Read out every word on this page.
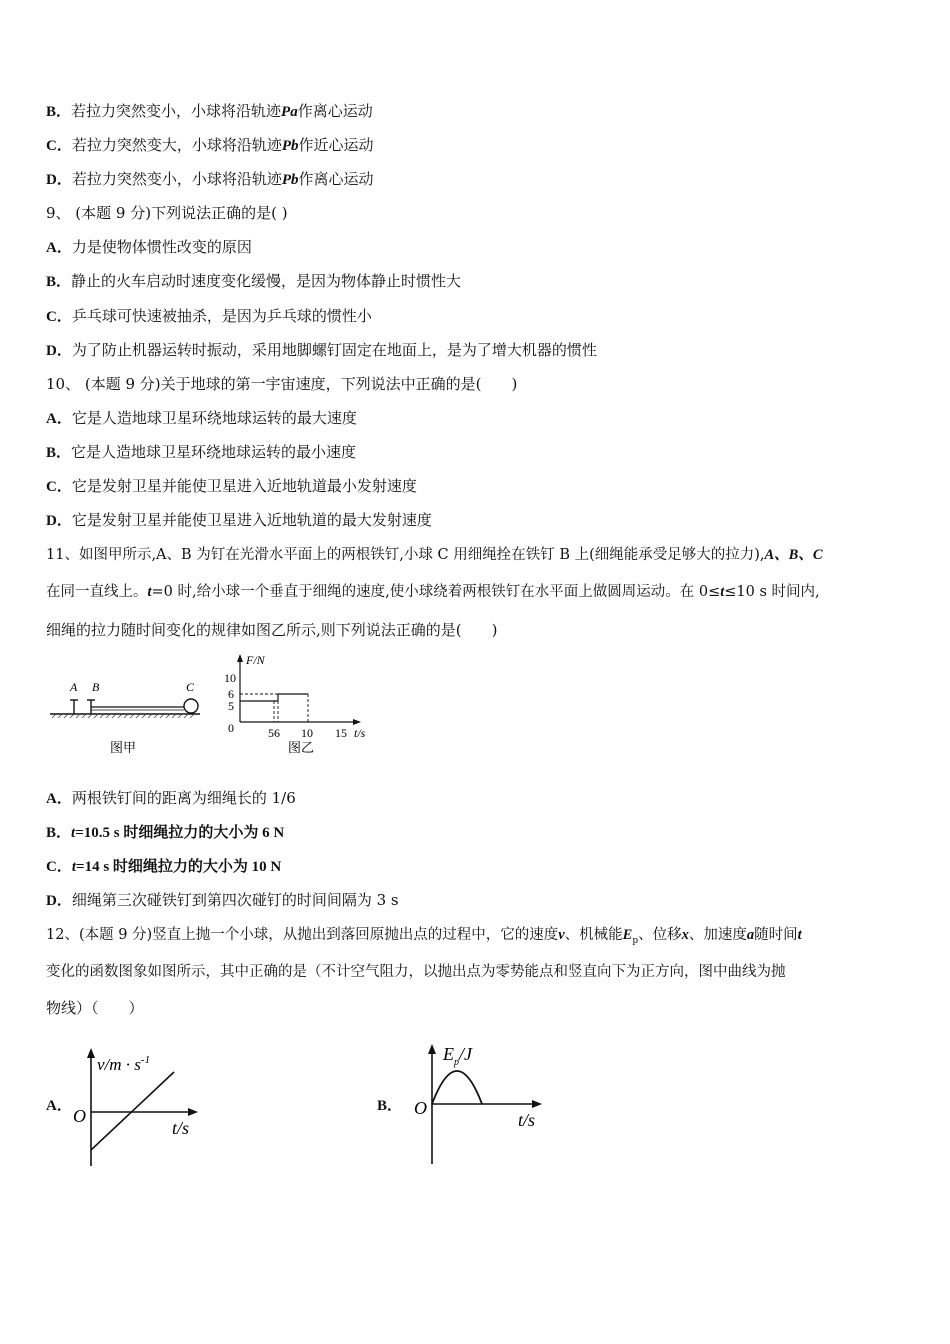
B．若拉力突然变小，小球将沿轨迹Pa作离心运动
C．若拉力突然变大，小球将沿轨迹Pb作近心运动
D．若拉力突然变小，小球将沿轨迹Pb作离心运动
9、 (本题 9 分)下列说法正确的是( )
A．力是使物体惯性改变的原因
B．静止的火车启动时速度变化缓慢，是因为物体静止时惯性大
C．乒乓球可快速被抽杀，是因为乒乓球的惯性小
D．为了防止机器运转时振动，采用地脚螺钉固定在地面上，是为了增大机器的惯性
10、 (本题 9 分)关于地球的第一宇宙速度，下列说法中正确的是(　　)
A．它是人造地球卫星环绕地球运转的最大速度
B．它是人造地球卫星环绕地球运转的最小速度
C．它是发射卫星并能使卫星进入近地轨道最小发射速度
D．它是发射卫星并能使卫星进入近地轨道的最大发射速度
11、如图甲所示,A、B 为钉在光滑水平面上的两根铁钉,小球 C 用细绳拴在铁钉 B 上(细绳能承受足够大的拉力),A、B、C
在同一直线上。t=0 时,给小球一个垂直于细绳的速度,使小球绕着两根铁钉在水平面上做圆周运动。在 0≤t≤10 s 时间内,
细绳的拉力随时间变化的规律如图乙所示,则下列说法正确的是(　　)
A B	C
图甲
F/N
10
6
5
0	56 10 15 t/s
图乙
A．两根铁钉间的距离为细绳长的 1/6
B．t=10.5 s 时细绳拉力的大小为 6 N
C．t=14 s 时细绳拉力的大小为 10 N
D．细绳第三次碰铁钉到第四次碰钉的时间间隔为 3 s
12、(本题 9 分)竖直上抛一个小球，从抛出到落回原抛出点的过程中，它的速度v、机械能$E_p$、位移x、加速度a随时间t
变化的函数图象如图所示，其中正确的是（不计空气阻力，以抛出点为零势能点和竖直向下为正方向，图中曲线为抛
物线）（　　）
A．
$v/m \cdot s^{-1}$
O
t/s
B．
$E_p/J$
O
t/s
